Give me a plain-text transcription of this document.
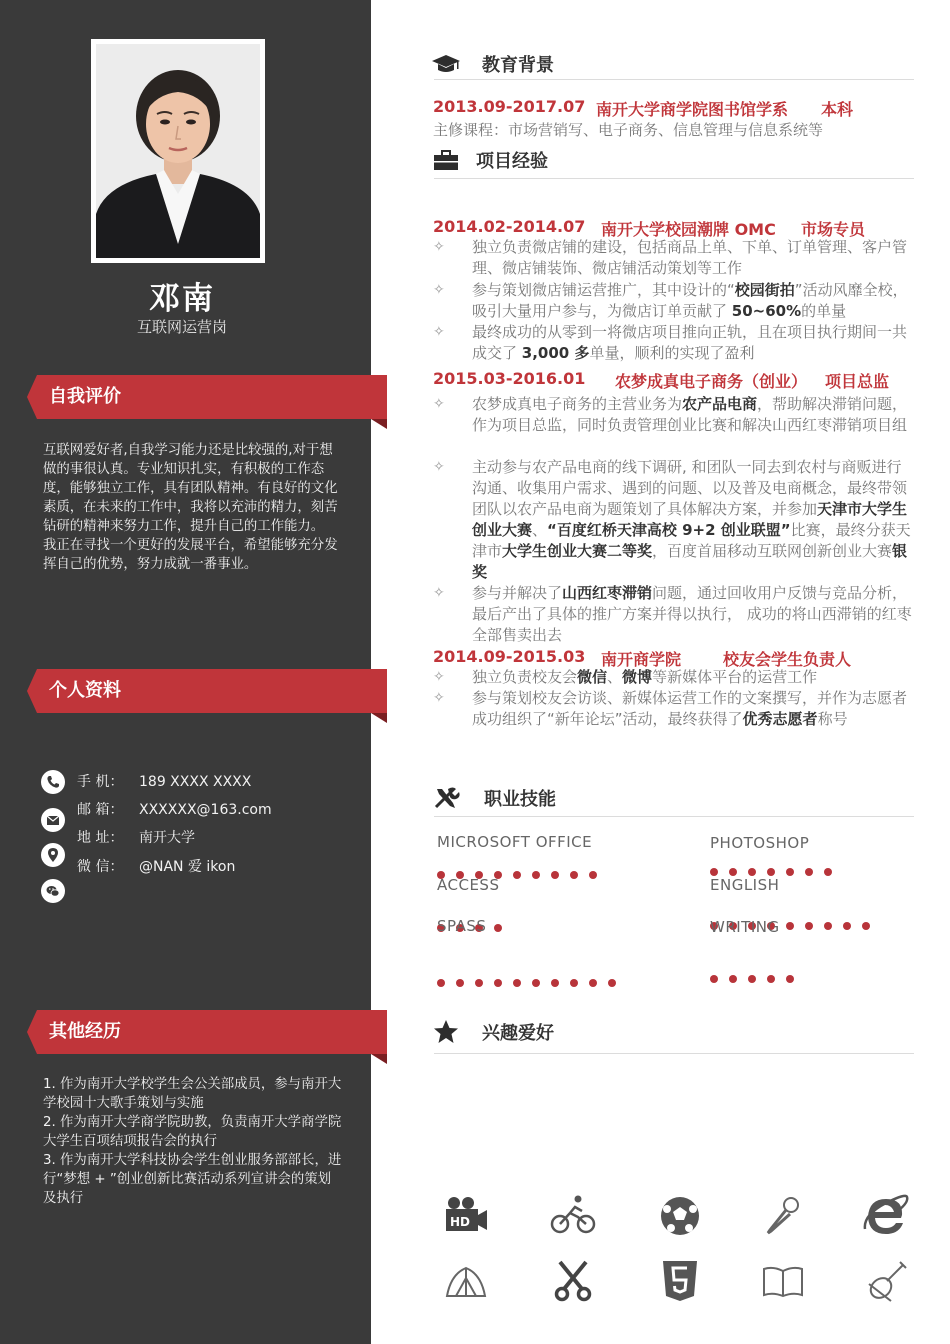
邓南
互联网运营岗
自我评价

互联网爱好者,自我学习能力还是比较强的,对于想做的事很认真。专业知识扎实，有积极的工作态度，能够独立工作，具有团队精神。有良好的文化素质，在未来的工作中，我将以充沛的精力，刻苦钻研的精神来努力工作，提升自己的工作能力。

我正在寻找一个更好的发展平台，希望能够充分发挥自己的优势，努力成就一番事业。

个人资料
手 机： 189 XXXX XXXX
邮 箱： XXXXXX@163.com
地 址： 南开大学
微 信： @NAN 爱 ikon
其他经历

1. 作为南开大学校学生会公关部成员，参与南开大学校园十大歌手策划与实施

2. 作为南开大学商学院助教，负责南开大学商学院大学生百项结项报告会的执行

3. 作为南开大学科技协会学生创业服务部部长，进行“梦想 + ”创业创新比赛活动系列宣讲会的策划及执行

教育背景
2013.09-2017.07 南开大学商学院图书馆学系 本科
主修课程：市场营销写、电子商务、信息管理与信息系统等
项目经验
2014.02-2014.07 南开大学校园潮牌 OMC 市场专员
✧ 独立负责微店铺的建设，包括商品上单、下单、订单管理、客户管理、微店铺装饰、微店铺活动策划等工作
✧ 参与策划微店铺运营推广，其中设计的“校园街拍”活动风靡全校，吸引大量用户参与，为微店订单贡献了 50~60%的单量
✧ 最终成功的从零到一将微店项目推向正轨，且在项目执行期间一共成交了 3,000 多单量，顺利的实现了盈利
2015.03-2016.01 农梦成真电子商务（创业） 项目总监
✧ 农梦成真电子商务的主营业务为农产品电商，帮助解决滞销问题，作为项目总监，同时负责管理创业比赛和解决山西红枣滞销项目组
✧ 主动参与农产品电商的线下调研, 和团队一同去到农村与商贩进行沟通、收集用户需求、遇到的问题、以及普及电商概念，最终带领团队以农产品电商为题策划了具体解决方案，并参加天津市大学生创业大赛、“百度红桥天津高校 9+2 创业联盟”比赛，最终分获天津市大学生创业大赛二等奖，百度首届移动互联网创新创业大赛银奖
✧ 参与并解决了山西红枣滞销问题，通过回收用户反馈与竞品分析，最后产出了具体的推广方案并得以执行， 成功的将山西滞销的红枣全部售卖出去
2014.09-2015.03 南开商学院	校友会学生负责人
✧ 独立负责校友会微信、微博等新媒体平台的运营工作
✧ 参与策划校友会访谈、新媒体运营工作的文案撰写，并作为志愿者成功组织了“新年论坛”活动，最终获得了优秀志愿者称号
职业技能
MICROSOFT OFFICE	PHOTOSHOP
ACCESS	ENGLISH
SPASS	WRITING
兴趣爱好
HD
